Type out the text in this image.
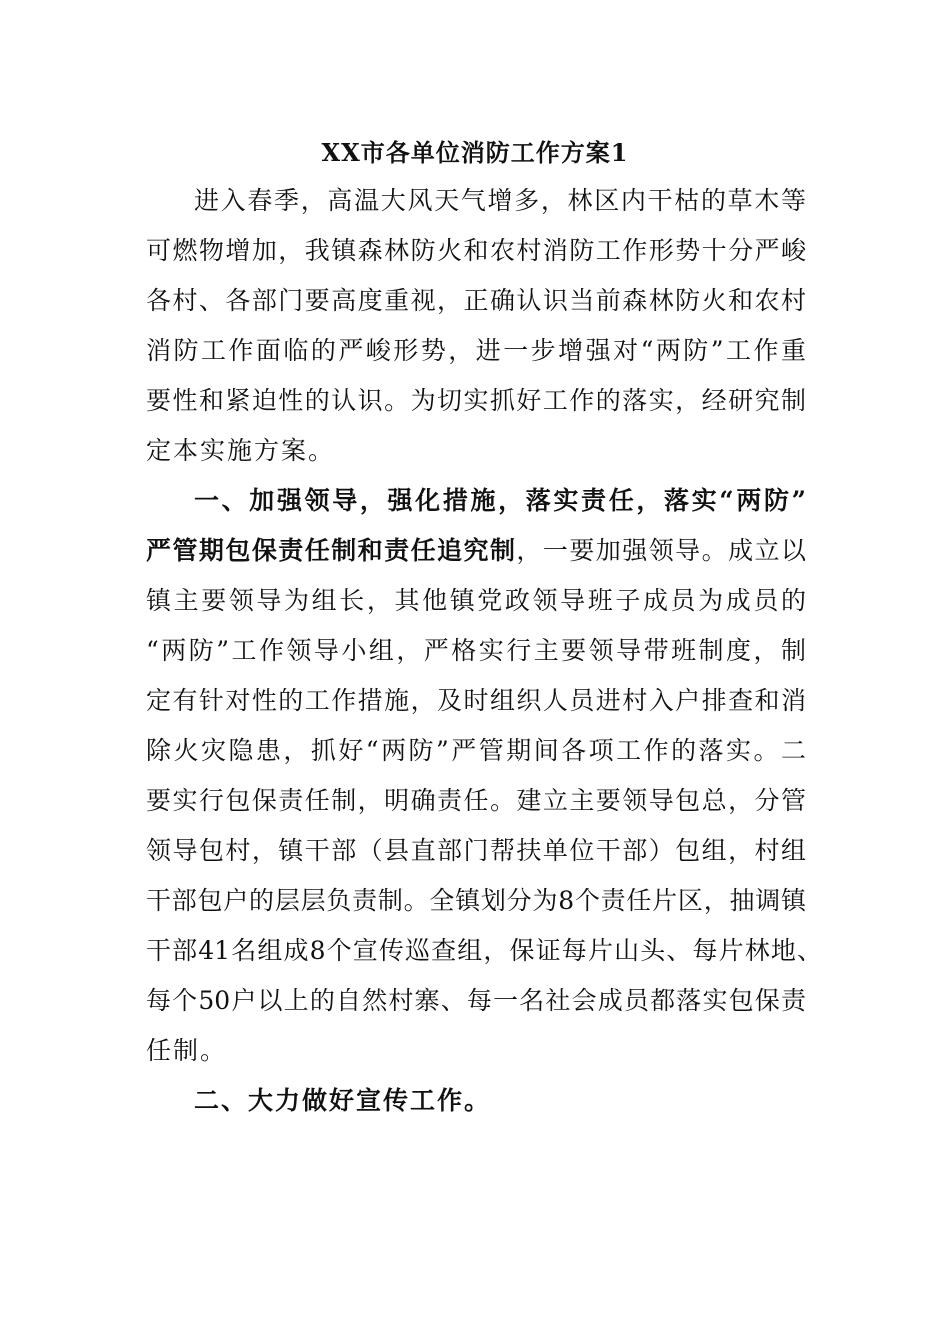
XX市各单位消防工作方案1
进入春季，高温大风天气增多，林区内干枯的草木等
可燃物增加，我镇森林防火和农村消防工作形势十分严峻
各村、各部门要高度重视，正确认识当前森林防火和农村
消防工作面临的严峻形势，进一步增强对“两防”工作重
要性和紧迫性的认识。为切实抓好工作的落实，经研究制
定本实施方案。
一、加强领导，强化措施，落实责任，落实“两防”
严管期包保责任制和责任追究制，一要加强领导。成立以
镇主要领导为组长，其他镇党政领导班子成员为成员的
“两防”工作领导小组，严格实行主要领导带班制度，制
定有针对性的工作措施，及时组织人员进村入户排查和消
除火灾隐患，抓好“两防”严管期间各项工作的落实。二
要实行包保责任制，明确责任。建立主要领导包总，分管
领导包村，镇干部（县直部门帮扶单位干部）包组，村组
干部包户的层层负责制。全镇划分为8个责任片区，抽调镇
干部41名组成8个宣传巡查组，保证每片山头、每片林地、
每个50户以上的自然村寨、每一名社会成员都落实包保责
任制。
二、大力做好宣传工作。
